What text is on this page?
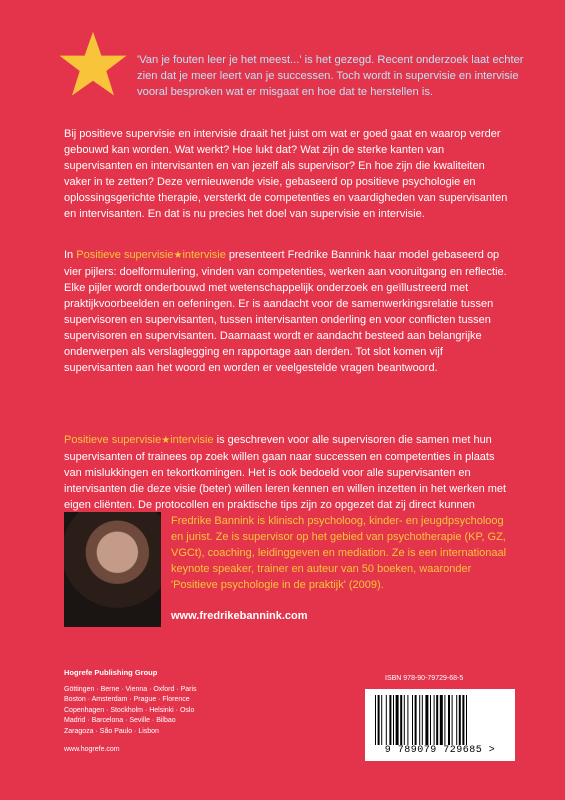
'Van je fouten leer je het meest...' is het gezegd. Recent onderzoek laat echter zien dat je meer leert van je successen. Toch wordt in supervisie en intervisie vooral besproken wat er misgaat en hoe dat te herstellen is.
Bij positieve supervisie en intervisie draait het juist om wat er goed gaat en waarop verder gebouwd kan worden. Wat werkt? Hoe lukt dat? Wat zijn de sterke kanten van supervisanten en intervisanten en van jezelf als supervisor? En hoe zijn die kwaliteiten vaker in te zetten? Deze vernieuwende visie, gebaseerd op positieve psychologie en oplossingsgerichte therapie, versterkt de competenties en vaardigheden van supervisanten en intervisanten. En dat is nu precies het doel van supervisie en intervisie.
In Positieve supervisie★intervisie presenteert Fredrike Bannink haar model gebaseerd op vier pijlers: doelformulering, vinden van competenties, werken aan vooruitgang en reflectie. Elke pijler wordt onderbouwd met wetenschappelijk onderzoek en geïllustreerd met praktijkvoorbeelden en oefeningen. Er is aandacht voor de samenwerkingsrelatie tussen supervisoren en supervisanten, tussen intervisanten onderling en voor conflicten tussen supervisoren en supervisanten. Daarnaast wordt er aandacht besteed aan belangrijke onderwerpen als verslaglegging en rapportage aan derden. Tot slot komen vijf supervisanten aan het woord en worden er veelgestelde vragen beantwoord.
Positieve supervisie★intervisie is geschreven voor alle supervisoren die samen met hun supervisanten of trainees op zoek willen gaan naar successen en competenties in plaats van mislukkingen en tekortkomingen. Het is ook bedoeld voor alle supervisanten en intervisanten die deze visie (beter) willen leren kennen en willen inzetten in het werken met eigen cliënten. De protocollen en praktische tips zijn zo opgezet dat zij direct kunnen
Fredrike Bannink is klinisch psycholoog, kinder- en jeugdpsycholoog en jurist. Ze is supervisor op het gebied van psychotherapie (KP, GZ, VGCt), coaching, leidinggeven en mediation. Ze is een internationaal keynote speaker, trainer en auteur van 50 boeken, waaronder 'Positieve psychologie in de praktijk' (2009).
www.fredrikebannink.com
Hogrefe Publishing Group
Göttingen · Berne · Vienna · Oxford · Paris
Boston · Amsterdam · Prague · Florence
Copenhagen · Stockholm · Helsinki · Oslo
Madrid · Barcelona · Seville · Bilbao
Zaragoza · São Paulo · Lisbon
www.hogrefe.com
ISBN 978-90-79729-68-5
9 789079 729685 >
